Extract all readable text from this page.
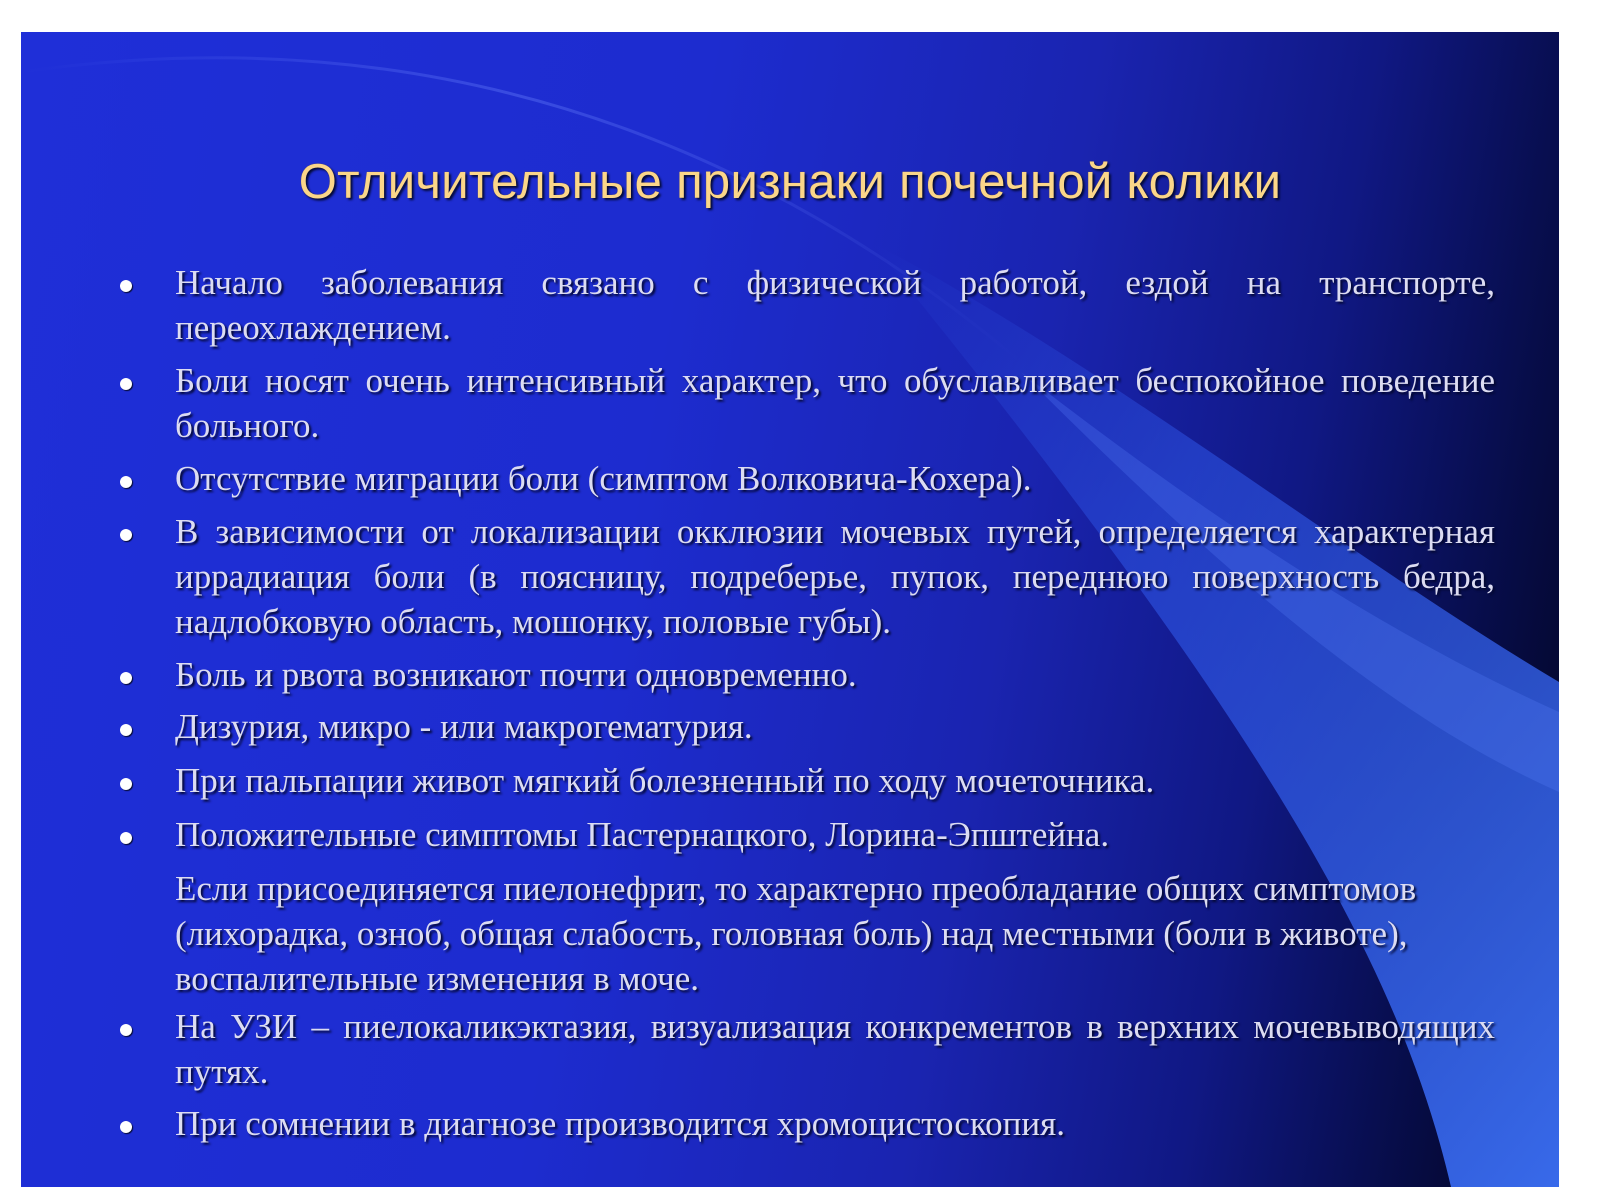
Отличительные признаки почечной колики

Начало заболевания связано с физической работой, ездой на транспорте, переохлаждением.

Боли носят очень интенсивный характер, что обуславливает беспокойное поведение больного.

Отсутствие миграции боли (симптом Волковича-Кохера).

В зависимости от локализации окклюзии мочевых путей, определяется характерная иррадиация боли (в поясницу, подреберье, пупок, переднюю поверхность бедра, надлобковую область, мошонку, половые губы).

Боль и рвота возникают почти одновременно.

Дизурия, микро - или макрогематурия.

При пальпации живот мягкий болезненный по ходу мочеточника.

Положительные симптомы Пастернацкого, Лорина-Эпштейна.

Если присоединяется пиелонефрит, то характерно преобладание общих симптомов (лихорадка, озноб, общая слабость, головная боль) над местными (боли в животе), воспалительные изменения в моче.

На УЗИ – пиелокаликэктазия, визуализация конкрементов в верхних мочевыводящих путях.

При сомнении в диагнозе производится хромоцистоскопия.
